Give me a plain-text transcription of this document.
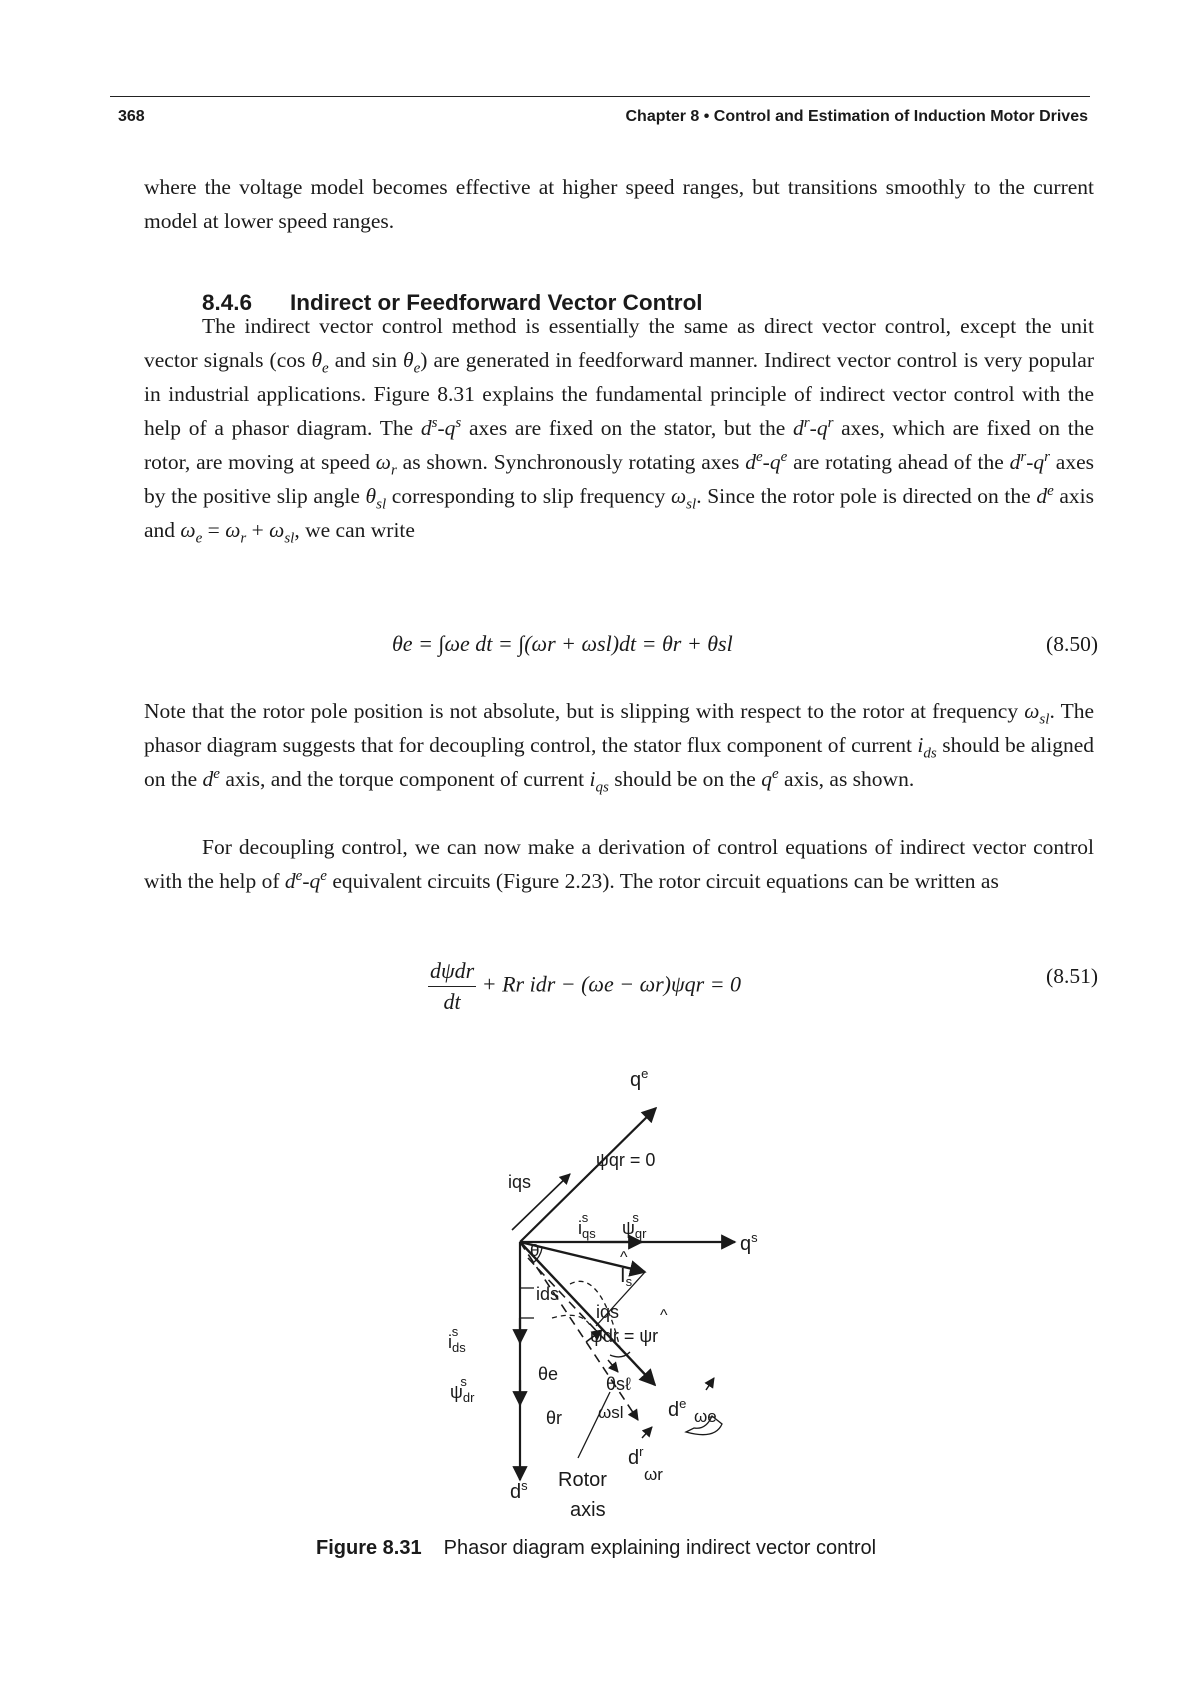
368	Chapter 8 • Control and Estimation of Induction Motor Drives

where the voltage model becomes effective at higher speed ranges, but transitions smoothly to the current model at lower speed ranges.

8.4.6 Indirect or Feedforward Vector Control

The indirect vector control method is essentially the same as direct vector control, except the unit vector signals (cos $\theta_e$ and $\sin \theta_e$) are generated in feedforward manner. Indirect vector control is very popular in industrial applications. Figure 8.31 explains the fundamental principle of indirect vector control with the help of a phasor diagram. The $d^s-q^s$ axes are fixed on the stator, but the $d^r-q^r$ axes, which are fixed on the rotor, are moving at speed $\omega_r$ as shown. Synchronously rotating axes $d^e-q^e$ are rotating ahead of the $d^r-q^r$ axes by the positive slip angle $\theta_{sl}$ corresponding to slip frequency $\omega_{sl}$. Since the rotor pole is directed on the $d^e$ axis and $\omega_e = \omega_r + \omega_{sl}$, we can write

θe = ∫ωe dt = ∫(ωr + ωsl)dt = θr + θsl	(8.50)

Note that the rotor pole position is not absolute, but is slipping with respect to the rotor at frequency $\omega_{sl}$. The phasor diagram suggests that for decoupling control, the stator flux component of current $i_{ds}$ should be aligned on the $d^e$ axis, and the torque component of current $i_{qs}$ should be on the $q^e$ axis, as shown.

For decoupling control, we can now make a derivation of control equations of indirect vector control with the help of $d^e-q^e$ equivalent circuits (Figure 2.23). The rotor circuit equations can be written as

$\frac{\text{dψdr}}{dt} + Rr$ idr − (ωe − ωr)ψqr = 0	(8.51)
$q^e$
ψqr = 0
iqs
$i_{qs}s$
$\psi_{qr}s$
$q^s$
θ	^
$I_s$
ids
iqs	^
ψdr = ψr
$i_{ds}s$
θe
$\psi_{dr}s$	θsℓ
ωsl
θr	$d^e$
ωe
$d^r$
ωr
$d^s$ Rotor
axis
Figure 8.31 Phasor diagram explaining indirect vector control
